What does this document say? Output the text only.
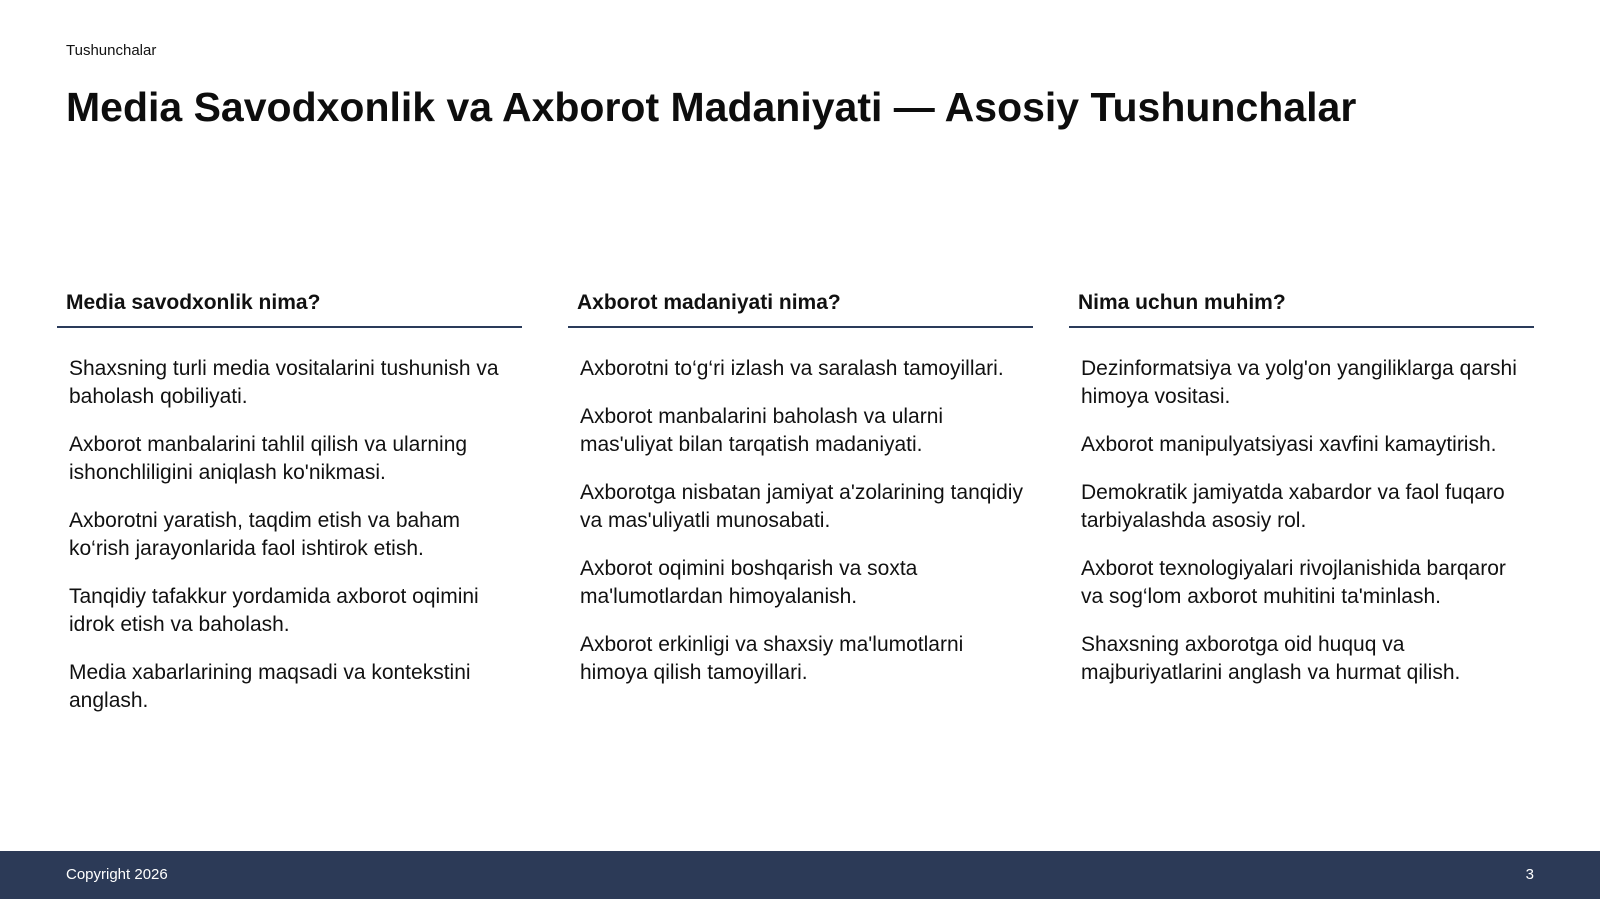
Tushunchalar
Media Savodxonlik va Axborot Madaniyati — Asosiy Tushunchalar
Media savodxonlik nima?
Shaxsning turli media vositalarini tushunish va baholash qobiliyati.
Axborot manbalarini tahlil qilish va ularning ishonchliligini aniqlash ko'nikmasi.
Axborotni yaratish, taqdim etish va baham ko‘rish jarayonlarida faol ishtirok etish.
Tanqidiy tafakkur yordamida axborot oqimini idrok etish va baholash.
Media xabarlarining maqsadi va kontekstini anglash.
Axborot madaniyati nima?
Axborotni to‘g‘ri izlash va saralash tamoyillari.
Axborot manbalarini baholash va ularni mas'uliyat bilan tarqatish madaniyati.
Axborotga nisbatan jamiyat a'zolarining tanqidiy va mas'uliyatli munosabati.
Axborot oqimini boshqarish va soxta ma'lumotlardan himoyalanish.
Axborot erkinligi va shaxsiy ma'lumotlarni himoya qilish tamoyillari.
Nima uchun muhim?
Dezinformatsiya va yolg'on yangiliklarga qarshi himoya vositasi.
Axborot manipulyatsiyasi xavfini kamaytirish.
Demokratik jamiyatda xabardor va faol fuqaro tarbiyalashda asosiy rol.
Axborot texnologiyalari rivojlanishida barqaror va sog‘lom axborot muhitini ta'minlash.
Shaxsning axborotga oid huquq va majburiyatlarini anglash va hurmat qilish.
Copyright 2026	3
